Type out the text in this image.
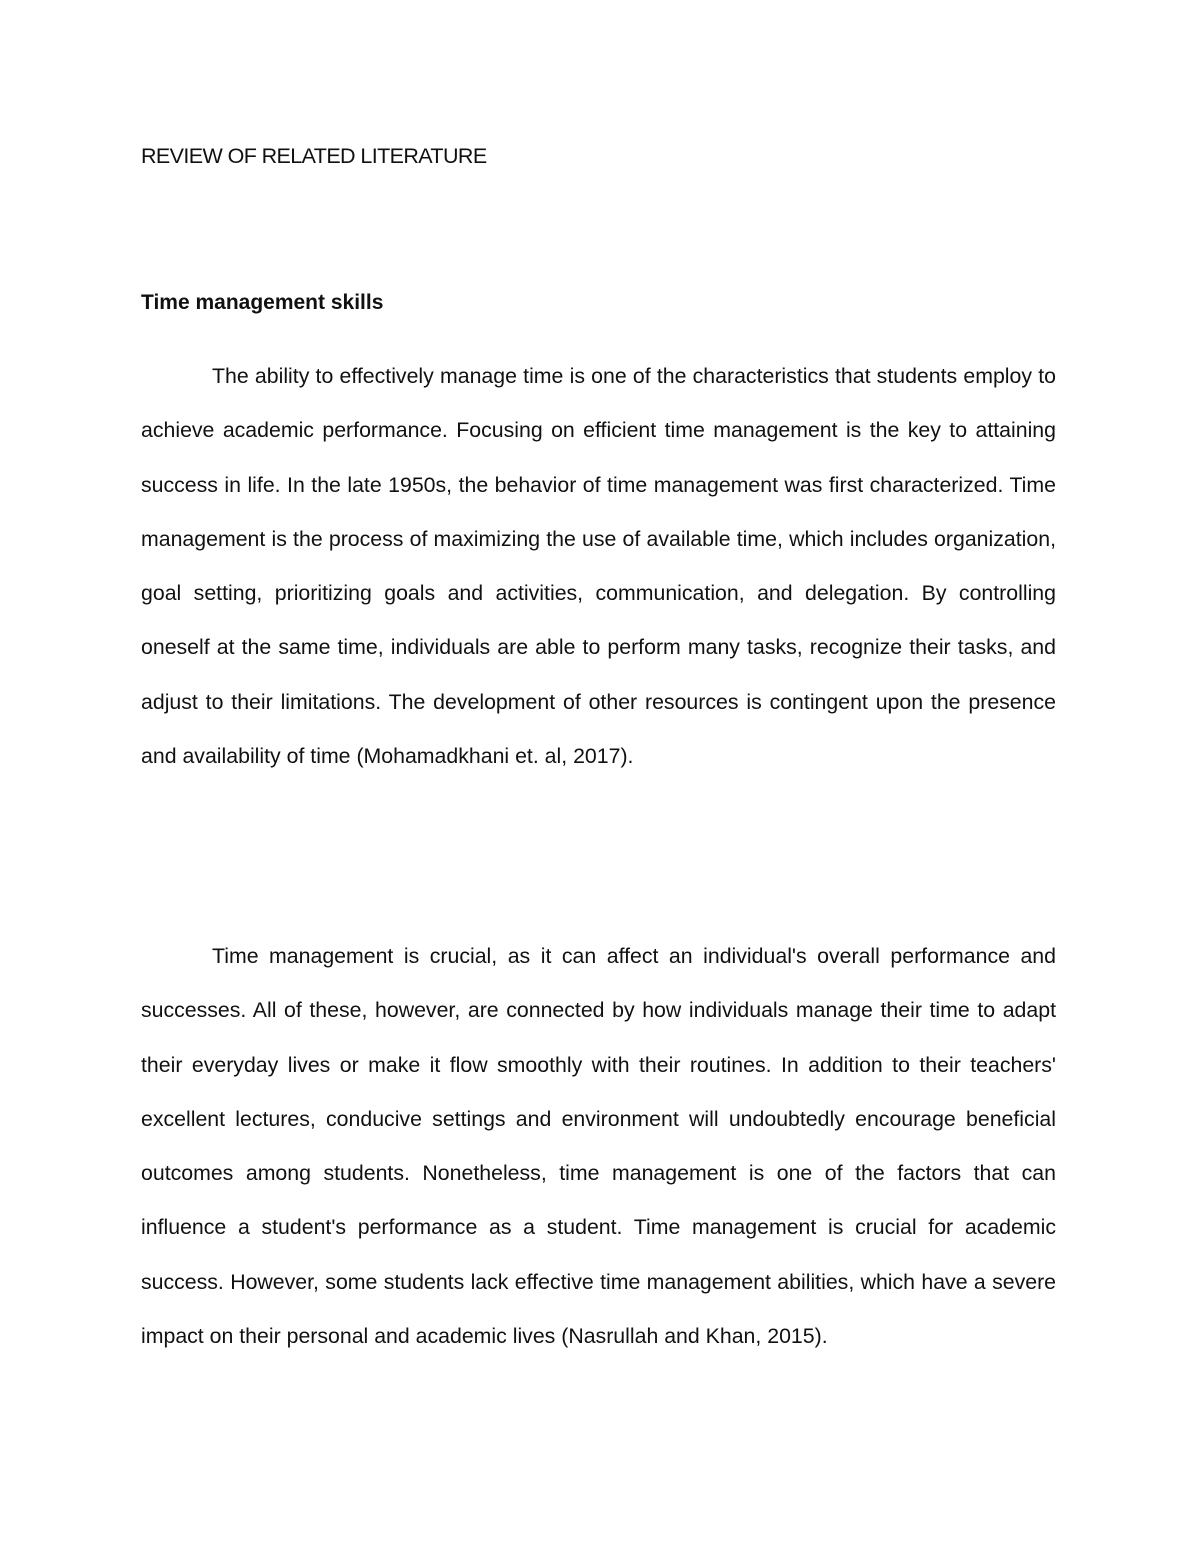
REVIEW OF RELATED LITERATURE
Time management skills

The ability to effectively manage time is one of the characteristics that students employ to achieve academic performance. Focusing on efficient time management is the key to attaining success in life. In the late 1950s, the behavior of time management was first characterized. Time management is the process of maximizing the use of available time, which includes organization, goal setting, prioritizing goals and activities, communication, and delegation. By controlling oneself at the same time, individuals are able to perform many tasks, recognize their tasks, and adjust to their limitations. The development of other resources is contingent upon the presence and availability of time (Mohamadkhani et. al, 2017).

Time management is crucial, as it can affect an individual's overall performance and successes. All of these, however, are connected by how individuals manage their time to adapt their everyday lives or make it flow smoothly with their routines. In addition to their teachers' excellent lectures, conducive settings and environment will undoubtedly encourage beneficial outcomes among students. Nonetheless, time management is one of the factors that can influence a student's performance as a student. Time management is crucial for academic success. However, some students lack effective time management abilities, which have a severe impact on their personal and academic lives (Nasrullah and Khan, 2015).
